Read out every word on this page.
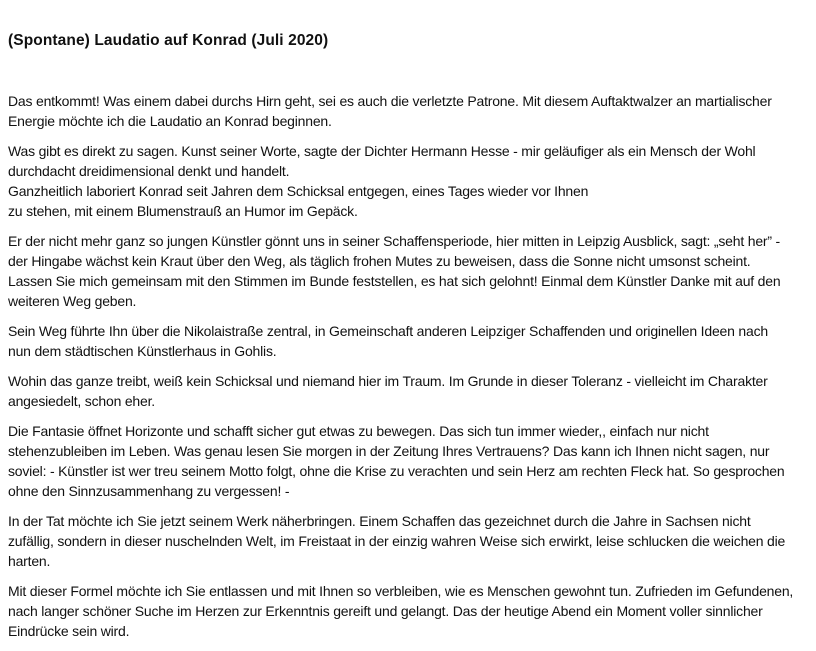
(Spontane) Laudatio auf Konrad (Juli 2020)

Das entkommt! Was einem dabei durchs Hirn geht, sei es auch die verletzte Patrone. Mit diesem Auftaktwalzer an martialischer
Energie möchte ich die Laudatio an Konrad beginnen.

Was gibt es direkt zu sagen. Kunst seiner Worte, sagte der Dichter Hermann Hesse - mir geläufiger als ein Mensch der Wohl
durchdacht dreidimensional denkt und handelt.
Ganzheitlich laboriert Konrad seit Jahren dem Schicksal entgegen, eines Tages wieder vor Ihnen
zu stehen, mit einem Blumenstrauß an Humor im Gepäck.

Er der nicht mehr ganz so jungen Künstler gönnt uns in seiner Schaffensperiode, hier mitten in Leipzig Ausblick, sagt: „seht her” -
der Hingabe wächst kein Kraut über den Weg, als täglich frohen Mutes zu beweisen, dass die Sonne nicht umsonst scheint.
Lassen Sie mich gemeinsam mit den Stimmen im Bunde feststellen, es hat sich gelohnt! Einmal dem Künstler Danke mit auf den
weiteren Weg geben.

Sein Weg führte Ihn über die Nikolaistraße zentral, in Gemeinschaft anderen Leipziger Schaffenden und originellen Ideen nach
nun dem städtischen Künstlerhaus in Gohlis.

Wohin das ganze treibt, weiß kein Schicksal und niemand hier im Traum. Im Grunde in dieser Toleranz - vielleicht im Charakter
angesiedelt, schon eher.

Die Fantasie öffnet Horizonte und schafft sicher gut etwas zu bewegen. Das sich tun immer wieder,, einfach nur nicht
stehenzubleiben im Leben. Was genau lesen Sie morgen in der Zeitung Ihres Vertrauens? Das kann ich Ihnen nicht sagen, nur
soviel: - Künstler ist wer treu seinem Motto folgt, ohne die Krise zu verachten und sein Herz am rechten Fleck hat. So gesprochen
ohne den Sinnzusammenhang zu vergessen! -

In der Tat möchte ich Sie jetzt seinem Werk näherbringen. Einem Schaffen das gezeichnet durch die Jahre in Sachsen nicht
zufällig, sondern in dieser nuschelnden Welt, im Freistaat in der einzig wahren Weise sich erwirkt, leise schlucken die weichen die
harten.

Mit dieser Formel möchte ich Sie entlassen und mit Ihnen so verbleiben, wie es Menschen gewohnt tun. Zufrieden im Gefundenen,
nach langer schöner Suche im Herzen zur Erkenntnis gereift und gelangt. Das der heutige Abend ein Moment voller sinnlicher
Eindrücke sein wird.
